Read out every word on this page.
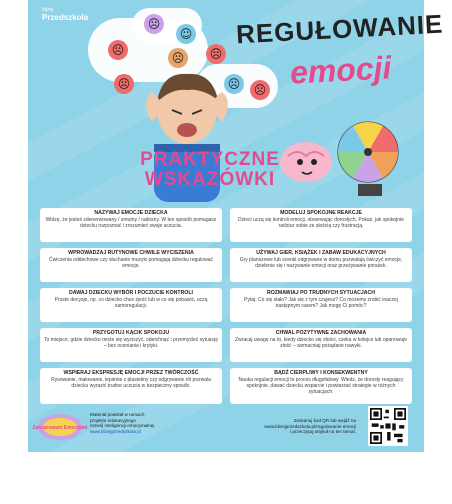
bliżej
Przedszkola
☹
☹
☺
☹	☹
☹	☹
☹
REGUŁOWANIE
emocji
PRAKTYCZNE
WSKAZÓWKI
NAZYWAJ EMOCJE DZIECKA

Widzę, że jesteś zdenerwowany / smutny / radosny. W ten sposób pomagasz dziecku rozpoznać i zrozumieć swoje uczucia.

WPROWADZAJ RUTYNOWE CHWILE WYCISZENIA

Ćwiczenia oddechowe czy słuchanie muzyki pomagają dziecku regulować emocje.

DAWAJ DZIECKU WYBÓR I POCZUCIE KONTROLI

Proste decyzje, np. co dziecko chce zjeść lub w co się pobawić, uczą samoregulacji.

PRZYGOTUJ KĄCIK SPOKOJU

To miejsce, gdzie dziecko może się wyciszyć, odetchnąć i przemyśleć sytuację – bez oceniania i krytyki.

WSPIERAJ EKSPRESJĘ EMOCJI PRZEZ TWÓRCZOŚĆ

Rysowanie, malowanie, lepienie z plasteliny czy odgrywanie ról pozwala dziecku wyrazić trudne uczucia w bezpieczny sposób.

MODELUJ SPOKOJNE REAKCJE

Dzieci uczą się kontroli emocji, obserwując dorosłych. Pokaż, jak spokojnie radzisz sobie ze złością czy frustracją.

UŻYWAJ GIER, KSIĄŻEK I ZABAW EDUKACYJNYCH

Gry planszowe lub scenki odgrywane w domu pozwalają ćwiczyć emocje, dzielenie się i nazywanie emocji oraz przeżywanie porażek.

ROZMAWIAJ PO TRUDNYCH SYTUACJACH

Pytaj: Co się stało? Jak się z tym czujesz? Co możemy zrobić inaczej następnym razem? Jak mogę Ci pomóc?

CHWAL POZYTYWNE ZACHOWANIA

Zwracaj uwagę na to, kiedy dziecko się złości, czeka w kolejce lub opanowuje złość – wzmacniaj pożądane nawyki.

BĄDŹ CIERPLIWY I KONSEKWENTNY

Nauka regulacji emocji to proces długofalowy. Wiedz, że dorosły reagujący spokojnie, dawać dziecku wsparcie i powtarzać strategie w różnych sytuacjach.

Zaczarowani Emocjami
Materiał powstał w ramach
projektu edukacyjnego
rozwój inteligencji emocjonalnej
www.blizejprzedszkola.pl
Zeskanuj kod QR lub wejdź na
www.blizejprzedszkola.pl/regulowanie-emocji
i przeczytaj artykuł na ten temat.
